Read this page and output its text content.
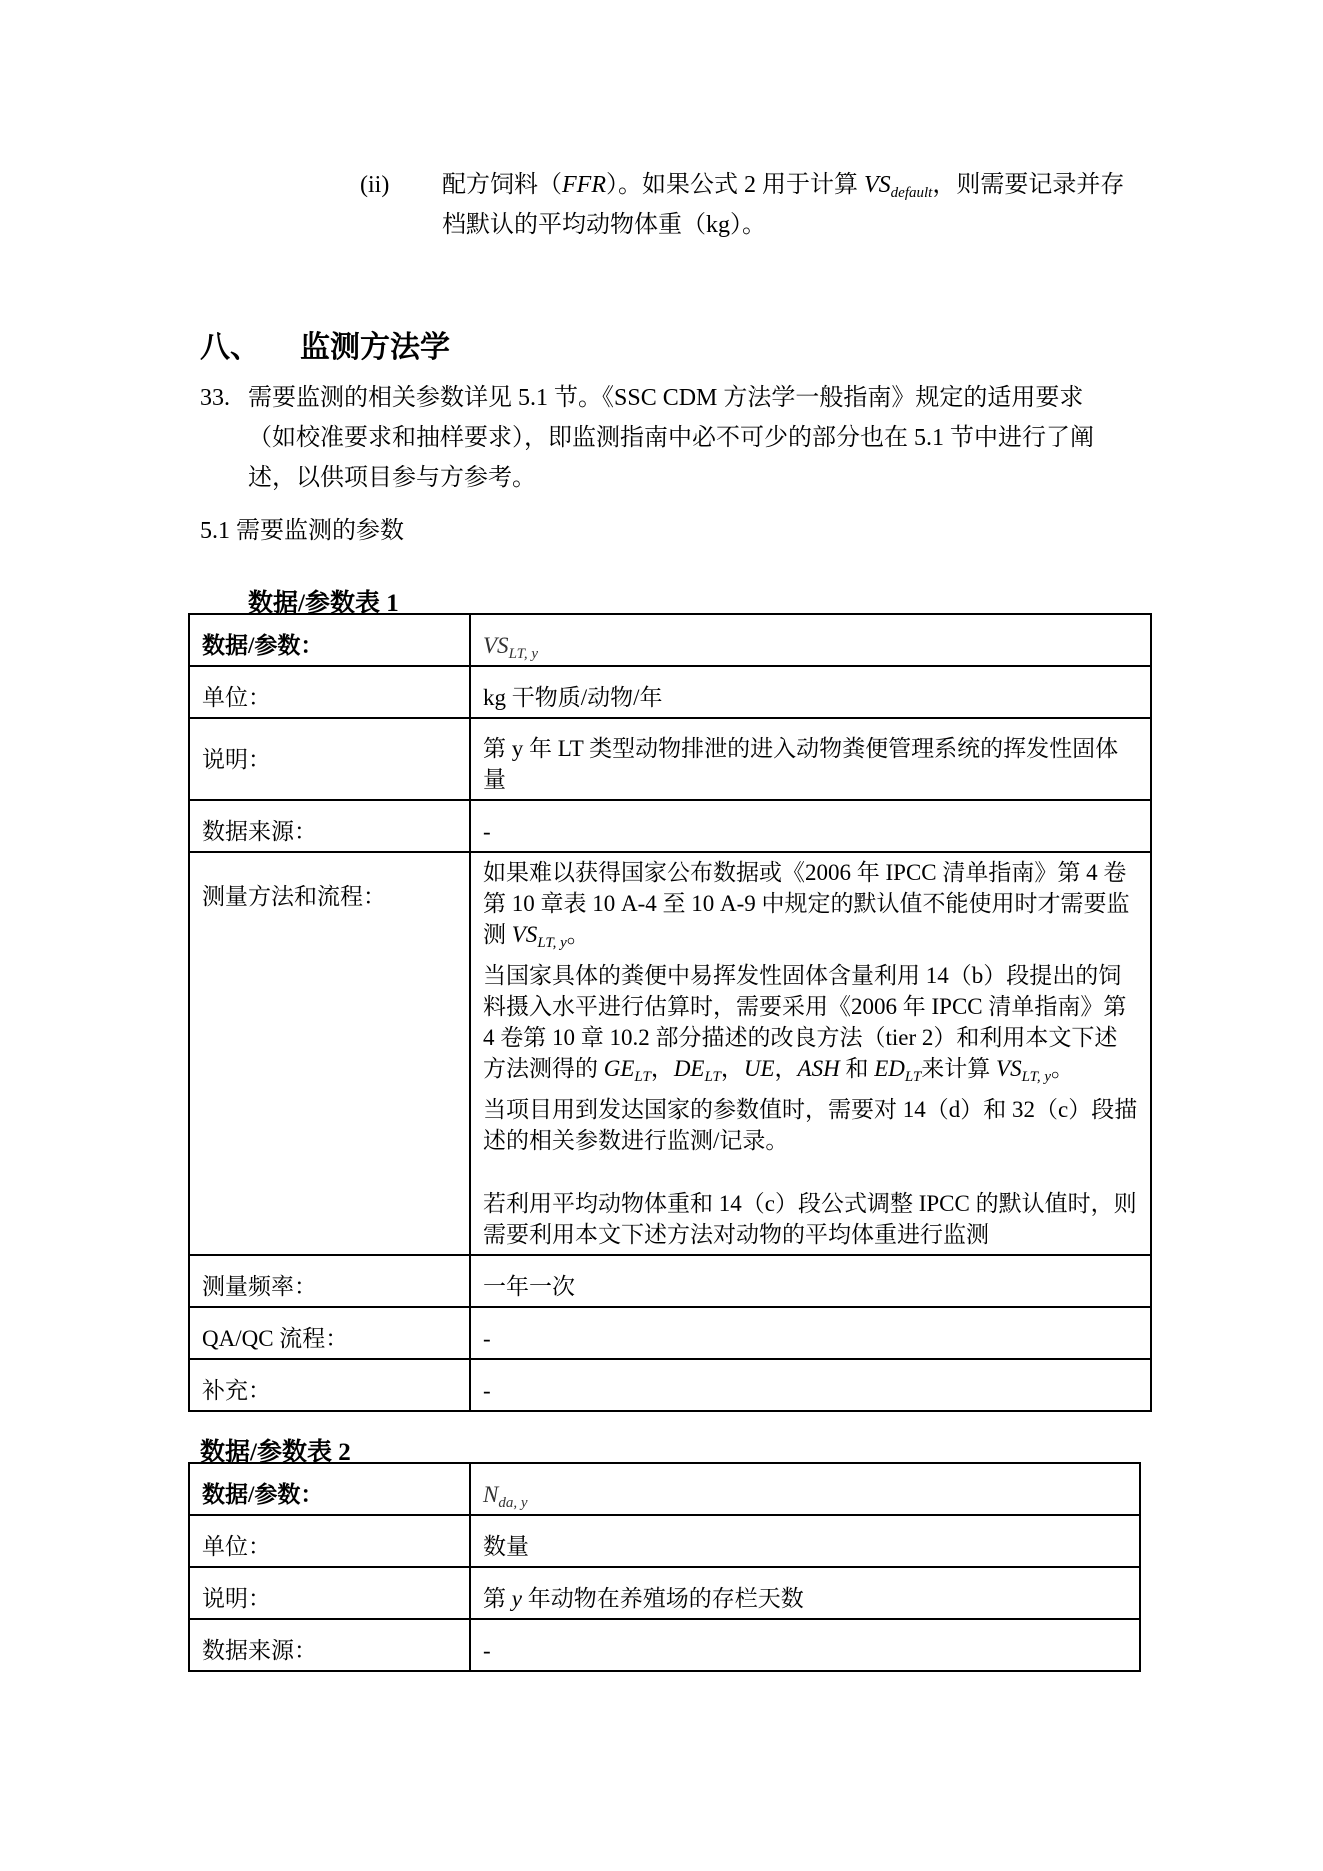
(ii) 配方饲料（FFR）。如果公式 2 用于计算 $VS_{default}$，则需要记录并存档默认的平均动物体重（kg）。
八、 监测方法学
33. 需要监测的相关参数详见 5.1 节。《SSC CDM 方法学一般指南》规定的适用要求（如校准要求和抽样要求），即监测指南中必不可少的部分也在 5.1 节中进行了阐述，以供项目参与方参考。
5.1 需要监测的参数
数据/参数表 1
数据/参数：	$VS_{LT, y}$
单位：	kg 干物质/动物/年
说明：	第 y 年 LT 类型动物排泄的进入动物粪便管理系统的挥发性固体量
数据来源：	-
测量方法和流程：	如果难以获得国家公布数据或《2006 年 IPCC 清单指南》第 4 卷第 10 章表 10 A-4 至 10 A-9 中规定的默认值不能使用时才需要监测 $VS_{LT, y}$。
当国家具体的粪便中易挥发性固体含量利用 14（b）段提出的饲料摄入水平进行估算时，需要采用《2006 年 IPCC 清单指南》第 4 卷第 10 章 10.2 部分描述的改良方法（tier 2）和利用本文下述方法测得的 $GE_{LT}$，$DE_{LT}$，UE，ASH 和 $ED_{LT}$来计算 $VS_{LT, y}$。
当项目用到发达国家的参数值时，需要对 14（d）和 32（c）段描述的相关参数进行监测/记录。
若利用平均动物体重和 14（c）段公式调整 IPCC 的默认值时，则需要利用本文下述方法对动物的平均体重进行监测

测量频率：	一年一次
QA/QC 流程：	-
补充：	-
数据/参数表 2
数据/参数：	$N_{da, y}$
单位：	数量
说明：	第 y 年动物在养殖场的存栏天数
数据来源：	-
